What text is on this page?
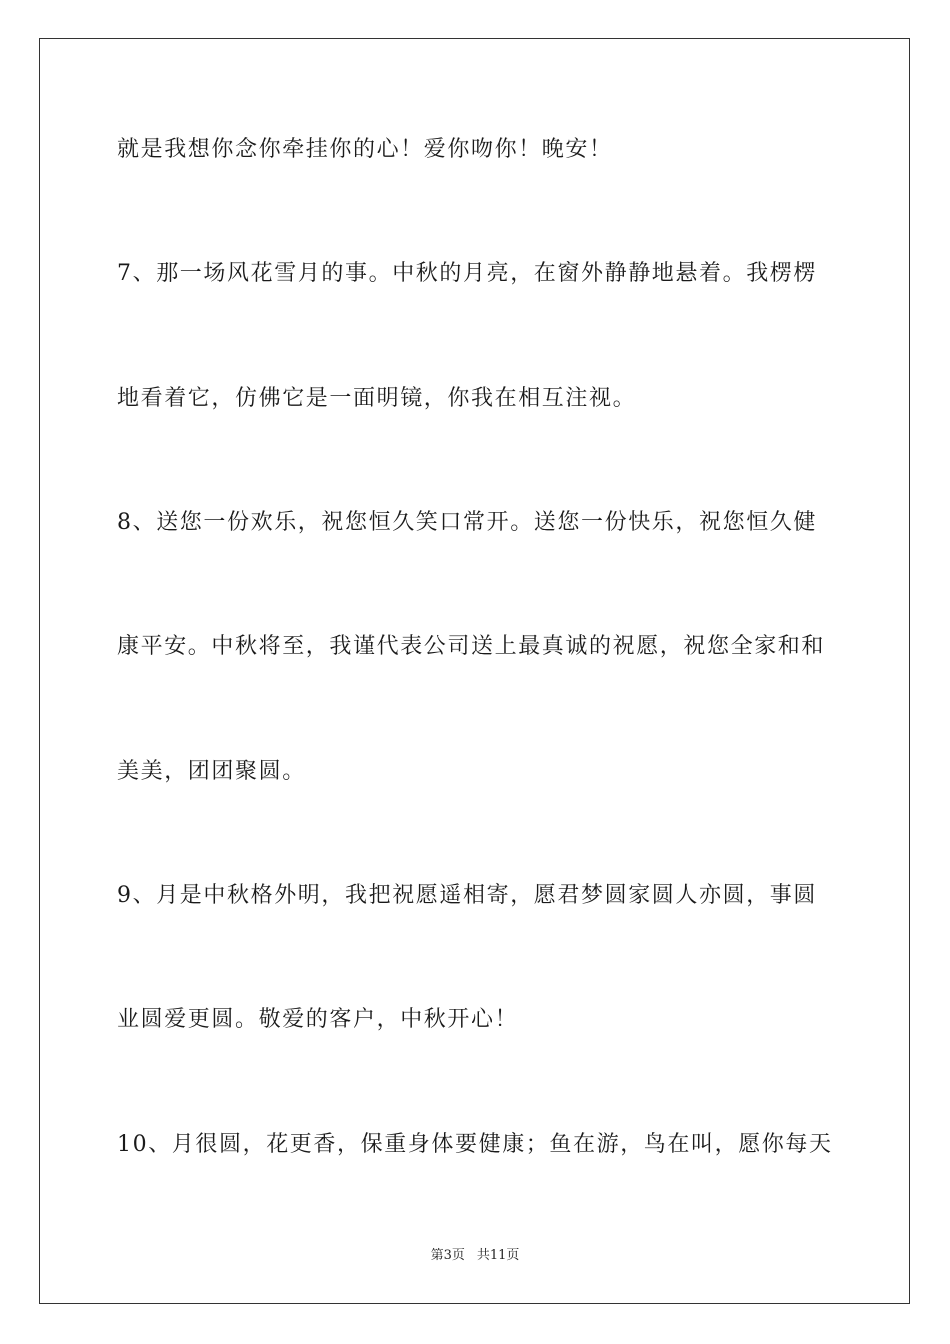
就是我想你念你牵挂你的心！爱你吻你！晚安！
7、那一场风花雪月的事。中秋的月亮，在窗外静静地悬着。我楞楞
地看着它，仿佛它是一面明镜，你我在相互注视。
8、送您一份欢乐，祝您恒久笑口常开。送您一份快乐，祝您恒久健
康平安。中秋将至，我谨代表公司送上最真诚的祝愿，祝您全家和和
美美，团团聚圆。
9、月是中秋格外明，我把祝愿遥相寄，愿君梦圆家圆人亦圆，事圆
业圆爱更圆。敬爱的客户，中秋开心！
10、月很圆，花更香，保重身体要健康；鱼在游，鸟在叫，愿你每天
第3页 共11页
